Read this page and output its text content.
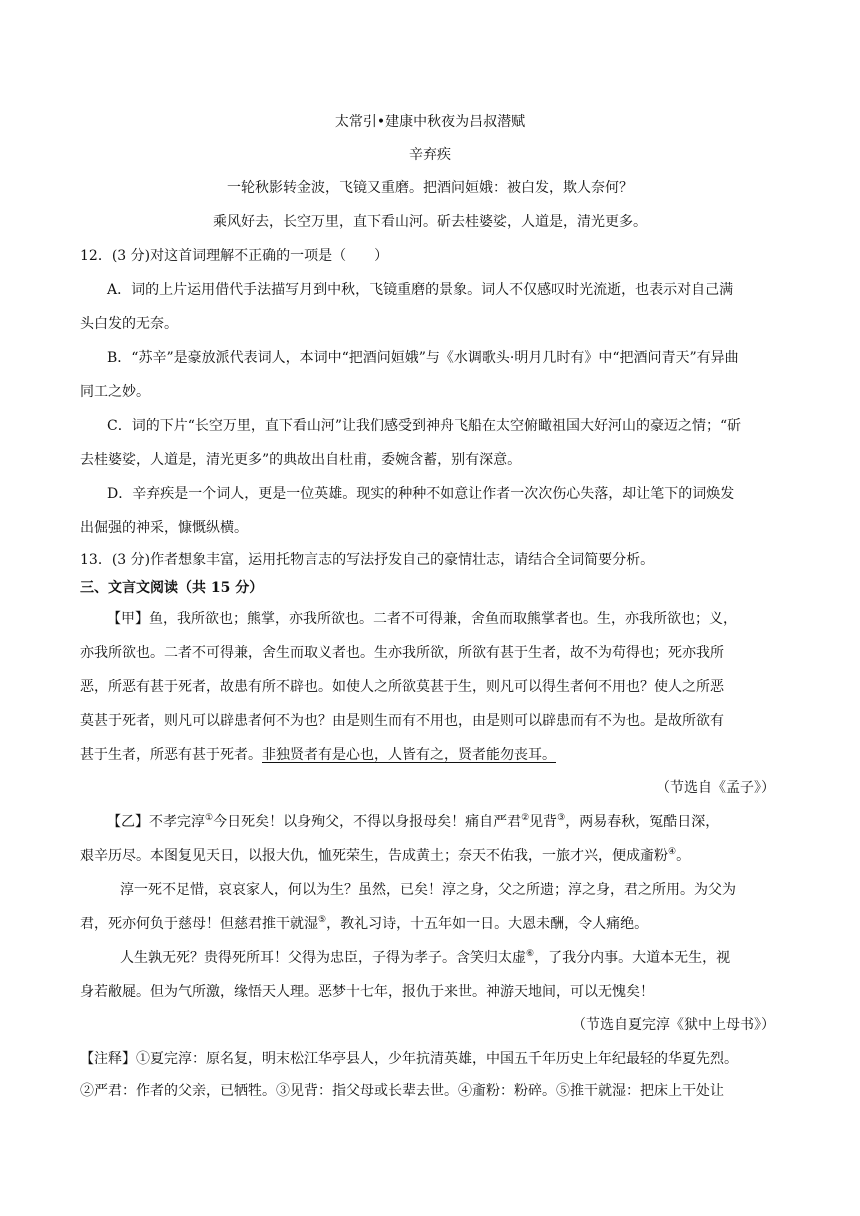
太常引•建康中秋夜为吕叔潜赋
辛弃疾
一轮秋影转金波，飞镜又重磨。把酒问姮娥：被白发，欺人奈何？
乘风好去，长空万里，直下看山河。斫去桂婆娑，人道是，清光更多。
12．(3 分)对这首词理解不正确的一项是（　　）
A．词的上片运用借代手法描写月到中秋，飞镜重磨的景象。词人不仅感叹时光流逝，也表示对自己满
头白发的无奈。
B．“苏辛”是豪放派代表词人，本词中“把酒问姮娥”与《水调歌头·明月几时有》中“把酒问青天”有异曲
同工之妙。
C．词的下片“长空万里，直下看山河”让我们感受到神舟飞船在太空俯瞰祖国大好河山的豪迈之情；“斫
去桂婆娑，人道是，清光更多”的典故出自杜甫，委婉含蓄，别有深意。
D．辛弃疾是一个词人，更是一位英雄。现实的种种不如意让作者一次次伤心失落，却让笔下的词焕发
出倔强的神采，慷慨纵横。
13．(3 分)作者想象丰富，运用托物言志的写法抒发自己的豪情壮志，请结合全词简要分析。
三、文言文阅读（共 15 分）
【甲】鱼，我所欲也；熊掌，亦我所欲也。二者不可得兼，舍鱼而取熊掌者也。生，亦我所欲也；义，
亦我所欲也。二者不可得兼，舍生而取义者也。生亦我所欲，所欲有甚于生者，故不为苟得也；死亦我所
恶，所恶有甚于死者，故患有所不辟也。如使人之所欲莫甚于生，则凡可以得生者何不用也？使人之所恶
莫甚于死者，则凡可以辟患者何不为也？由是则生而有不用也，由是则可以辟患而有不为也。是故所欲有
甚于生者，所恶有甚于死者。非独贤者有是心也，人皆有之，贤者能勿丧耳。
（节选自《孟子》）
【乙】不孝完淳①今日死矣！以身殉父，不得以身报母矣！痛自严君②见背③，两易春秋，冤酷日深，
艰辛历尽。本图复见天日，以报大仇，恤死荣生，告成黄土；奈天不佑我，一旅才兴，便成齑粉④。
淳一死不足惜，哀哀家人，何以为生？虽然，已矣！淳之身，父之所遗；淳之身，君之所用。为父为
君，死亦何负于慈母！但慈君推干就湿⑤，教礼习诗，十五年如一日。大恩未酬，令人痛绝。
人生孰无死？贵得死所耳！父得为忠臣，子得为孝子。含笑归太虚⑥，了我分内事。大道本无生，视
身若敝屣。但为气所激，缘悟天人理。恶梦十七年，报仇于来世。神游天地间，可以无愧矣！
（节选自夏完淳《狱中上母书》）
【注释】①夏完淳：原名复，明末松江华亭县人，少年抗清英雄，中国五千年历史上年纪最轻的华夏先烈。
②严君：作者的父亲，已牺牲。③见背：指父母或长辈去世。④齑粉：粉碎。⑤推干就湿：把床上干处让
